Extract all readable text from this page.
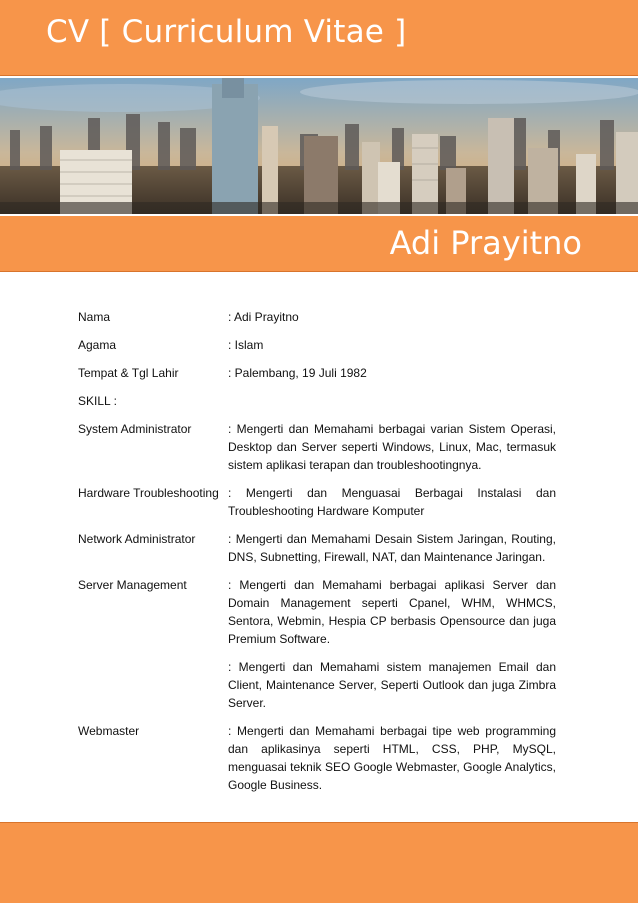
CV [ Curriculum Vitae ]
Adi Prayitno
Nama	: Adi Prayitno
Agama	: Islam
Tempat & Tgl Lahir	: Palembang, 19 Juli 1982
SKILL :
System Administrator	: Mengerti dan Memahami berbagai varian Sistem Operasi, Desktop dan Server seperti Windows, Linux, Mac, termasuk sistem aplikasi terapan dan troubleshootingnya.

Hardware Troubleshooting : Mengerti dan Menguasai Berbagai Instalasi dan Troubleshooting Hardware Komputer

Network Administrator	: Mengerti dan Memahami Desain Sistem Jaringan, Routing, DNS, Subnetting, Firewall, NAT, dan Maintenance Jaringan.

Server Management	: Mengerti dan Memahami berbagai aplikasi Server dan Domain Management seperti Cpanel, WHM, WHMCS, Sentora, Webmin, Hespia CP berbasis Opensource dan juga Premium Software.

: Mengerti dan Memahami sistem manajemen Email dan Client, Maintenance Server, Seperti Outlook dan juga Zimbra Server.

Webmaster	: Mengerti dan Memahami berbagai tipe web programming dan aplikasinya seperti HTML, CSS, PHP, MySQL, menguasai teknik SEO Google Webmaster, Google Analytics, Google Business.
